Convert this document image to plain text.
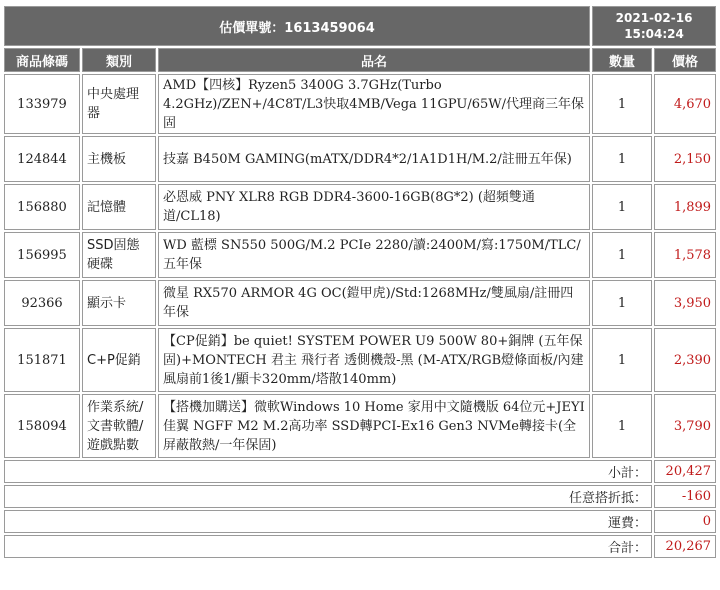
估價單號：1613459064			2021-02-16
15:04:24	

商品條碼	類別	品名	數量	價格
133979	中央處理器	AMD【四核】Ryzen5 3400G 3.7GHz(Turbo 4.2GHz)/ZEN+/4C8T/L3快取4MB/Vega 11GPU/65W/代理商三年保固	1	4,670
124844	主機板	技嘉 B450M GAMING(mATX/DDR4*2/1A1D1H/M.2/註冊五年保)	1	2,150
156880	記憶體	必恩威 PNY XLR8 RGB DDR4-3600-16GB(8G*2) (超頻雙通道/CL18)	1	1,899
156995	SSD固態硬碟	WD 藍標 SN550 500G/M.2 PCIe 2280/讀:2400M/寫:1750M/TLC/五年保	1	1,578
92366	顯示卡	微星 RX570 ARMOR 4G OC(鎧甲虎)/Std:1268MHz/雙風扇/註冊四年保	1	3,950
151871	C+P促銷	【CP促銷】be quiet! SYSTEM POWER U9 500W 80+銅牌 (五年保固)+MONTECH 君主 飛行者 透側機殼-黑 (M-ATX/RGB燈條面板/內建風扇前1後1/顯卡320mm/塔散140mm)	1	2,390
158094	作業系統/文書軟體/遊戲點數	【搭機加購送】微軟Windows 10 Home 家用中文隨機版 64位元+JEYI 佳翼 NGFF M2 M.2高功率 SSD轉PCI-Ex16 Gen3 NVMe轉接卡(全屏蔽散熱/一年保固)	1	3,790
小計：				20,427
任意搭折抵：				-160
運費：				0
合計：				20,267
